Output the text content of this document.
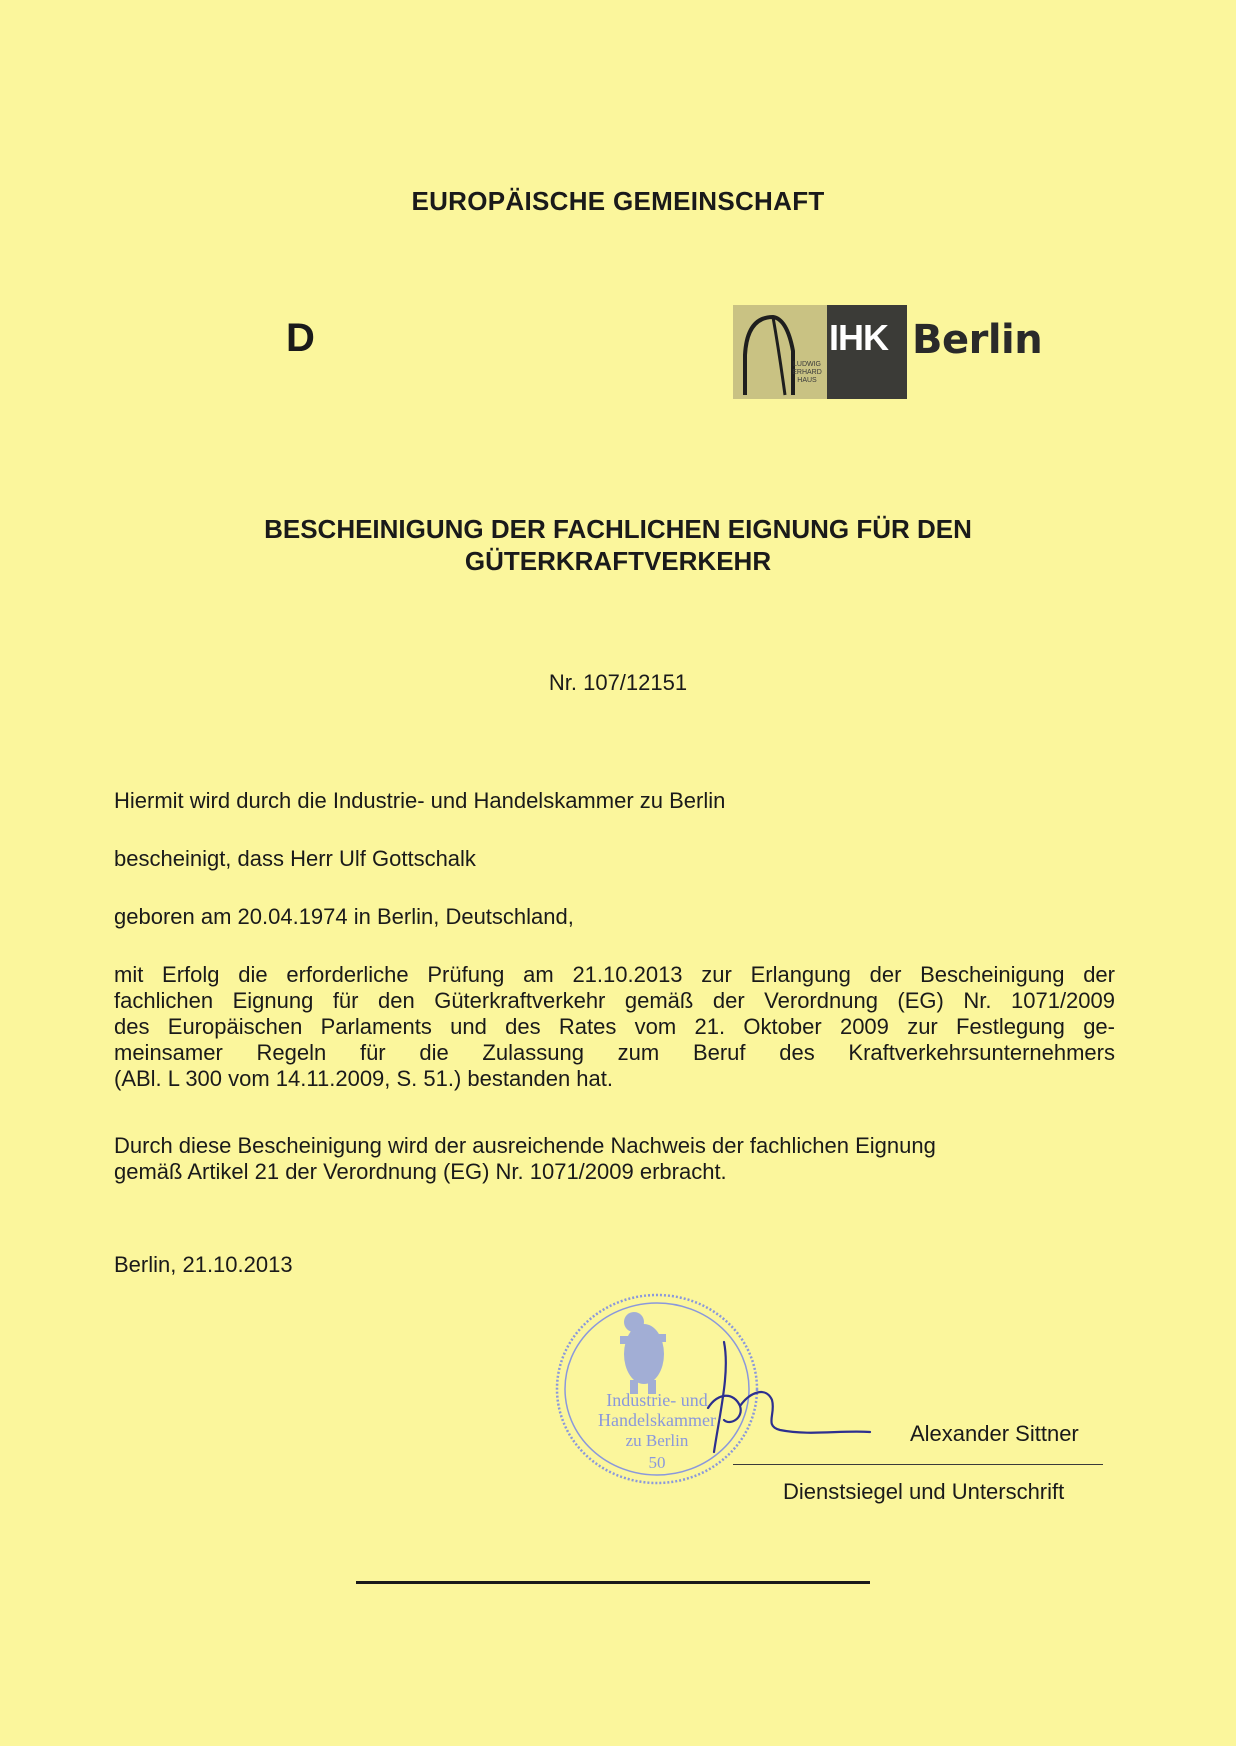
EUROPÄISCHE GEMEINSCHAFT
D
LUDWIG
ERHARD
HAUS
IHK Berlin
BESCHEINIGUNG DER FACHLICHEN EIGNUNG FÜR DEN
GÜTERKRAFTVERKEHR
Nr. 107/12151

Hiermit wird durch die Industrie- und Handelskammer zu Berlin

bescheinigt, dass Herr Ulf Gottschalk

geboren am 20.04.1974 in Berlin, Deutschland,

mit Erfolg die erforderliche Prüfung am 21.10.2013 zur Erlangung der Bescheinigung der
fachlichen Eignung für den Güterkraftverkehr gemäß der Verordnung (EG) Nr. 1071/2009
des Europäischen Parlaments und des Rates vom 21. Oktober 2009 zur Festlegung ge-
meinsamer Regeln für die Zulassung zum Beruf des Kraftverkehrsunternehmers
(ABl. L 300 vom 14.11.2009, S. 51.) bestanden hat.
Durch diese Bescheinigung wird der ausreichende Nachweis der fachlichen Eignung
gemäß Artikel 21 der Verordnung (EG) Nr. 1071/2009 erbracht.

Berlin, 21.10.2013

Industrie- und
Handelskammer
zu Berlin
50
Alexander Sittner
Dienstsiegel und Unterschrift
